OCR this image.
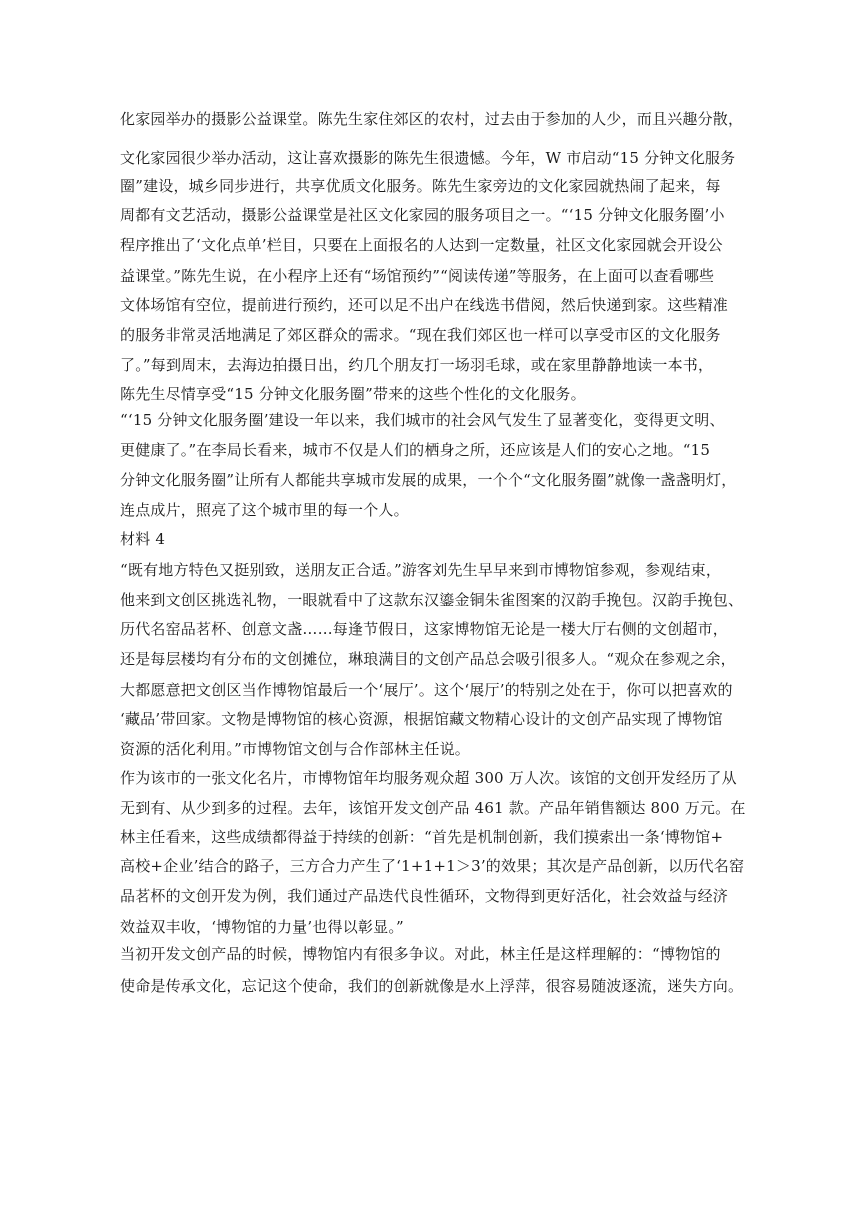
化家园举办的摄影公益课堂。陈先生家住郊区的农村，过去由于参加的人少，而且兴趣分散，
文化家园很少举办活动，这让喜欢摄影的陈先生很遗憾。今年，W 市启动“15 分钟文化服务
圈”建设，城乡同步进行，共享优质文化服务。陈先生家旁边的文化家园就热闹了起来，每
周都有文艺活动，摄影公益课堂是社区文化家园的服务项目之一。“‘15 分钟文化服务圈’小
程序推出了‘文化点单’栏目，只要在上面报名的人达到一定数量，社区文化家园就会开设公
益课堂。”陈先生说，在小程序上还有“场馆预约”“阅读传递”等服务，在上面可以查看哪些
文体场馆有空位，提前进行预约，还可以足不出户在线选书借阅，然后快递到家。这些精准
的服务非常灵活地满足了郊区群众的需求。“现在我们郊区也一样可以享受市区的文化服务
了。”每到周末，去海边拍摄日出，约几个朋友打一场羽毛球，或在家里静静地读一本书，
陈先生尽情享受“15 分钟文化服务圈”带来的这些个性化的文化服务。
“‘15 分钟文化服务圈’建设一年以来，我们城市的社会风气发生了显著变化，变得更文明、
更健康了。”在李局长看来，城市不仅是人们的栖身之所，还应该是人们的安心之地。“15
分钟文化服务圈”让所有人都能共享城市发展的成果，一个个“文化服务圈”就像一盏盏明灯，
连点成片，照亮了这个城市里的每一个人。
材料 4
“既有地方特色又挺别致，送朋友正合适。”游客刘先生早早来到市博物馆参观，参观结束，
他来到文创区挑选礼物，一眼就看中了这款东汉鎏金铜朱雀图案的汉韵手挽包。汉韵手挽包、
历代名窑品茗杯、创意文盏……每逢节假日，这家博物馆无论是一楼大厅右侧的文创超市，
还是每层楼均有分布的文创摊位，琳琅满目的文创产品总会吸引很多人。“观众在参观之余，
大都愿意把文创区当作博物馆最后一个‘展厅’。这个‘展厅’的特别之处在于，你可以把喜欢的
‘藏品’带回家。文物是博物馆的核心资源，根据馆藏文物精心设计的文创产品实现了博物馆
资源的活化利用。”市博物馆文创与合作部林主任说。
作为该市的一张文化名片，市博物馆年均服务观众超 300 万人次。该馆的文创开发经历了从
无到有、从少到多的过程。去年，该馆开发文创产品 461 款。产品年销售额达 800 万元。在
林主任看来，这些成绩都得益于持续的创新：“首先是机制创新，我们摸索出一条‘博物馆+
高校+企业’结合的路子，三方合力产生了‘1+1+1＞3’的效果；其次是产品创新，以历代名窑
品茗杯的文创开发为例，我们通过产品迭代良性循环，文物得到更好活化，社会效益与经济
效益双丰收，‘博物馆的力量’也得以彰显。”
当初开发文创产品的时候，博物馆内有很多争议。对此，林主任是这样理解的：“博物馆的
使命是传承文化，忘记这个使命，我们的创新就像是水上浮萍，很容易随波逐流，迷失方向。
